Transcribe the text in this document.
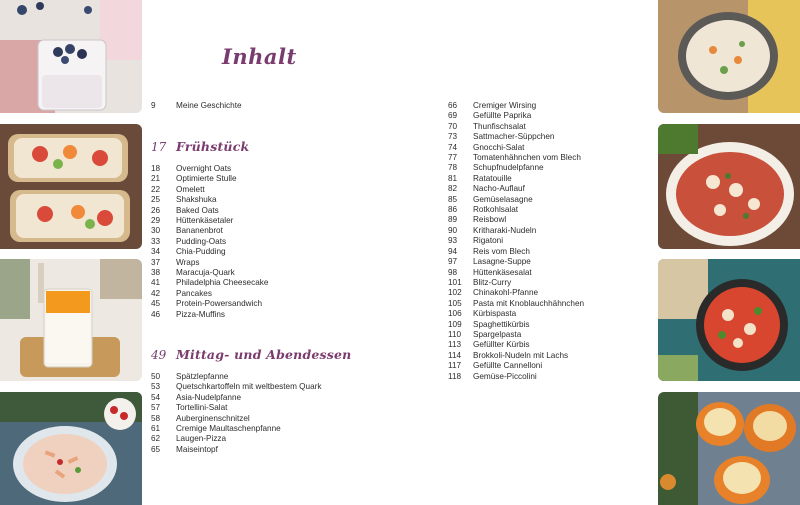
Inhalt
9	Meine Geschichte
17 Frühstück
18	Overnight Oats
21	Optimierte Stulle
22	Omelett
25	Shakshuka
26	Baked Oats
29	Hüttenkäsetaler
30	Bananenbrot
33	Pudding-Oats
34	Chia-Pudding
37	Wraps
38	Maracuja-Quark
41	Philadelphia Cheesecake
42	Pancakes
45	Protein-Powersandwich
46	Pizza-Muffins
49 Mittag- und Abendessen
50	Spätzlepfanne
53	Quetschkartoffeln mit weltbestem Quark
54	Asia-Nudelpfanne
57	Tortellini-Salat
58	Auberginenschnitzel
61	Cremige Maultaschenpfanne
62	Laugen-Pizza
65	Maiseintopf
66	Cremiger Wirsing
69	Gefüllte Paprika
70	Thunfischsalat
73	Sattmacher-Süppchen
74	Gnocchi-Salat
77	Tomatenhähnchen vom Blech
78	Schupfnudelpfanne
81	Ratatouille
82	Nacho-Auflauf
85	Gemüselasagne
86	Rotkohlsalat
89	Reisbowl
90	Kritharaki-Nudeln
93	Rigatoni
94	Reis vom Blech
97	Lasagne-Suppe
98	Hüttenkäsesalat
101	Blitz-Curry
102	Chinakohl-Pfanne
105	Pasta mit Knoblauchhähnchen
106	Kürbispasta
109	Spaghettikürbis
110	Spargelpasta
113	Gefüllter Kürbis
114	Brokkoli-Nudeln mit Lachs
117	Gefüllte Cannelloni
118	Gemüse-Piccolini
